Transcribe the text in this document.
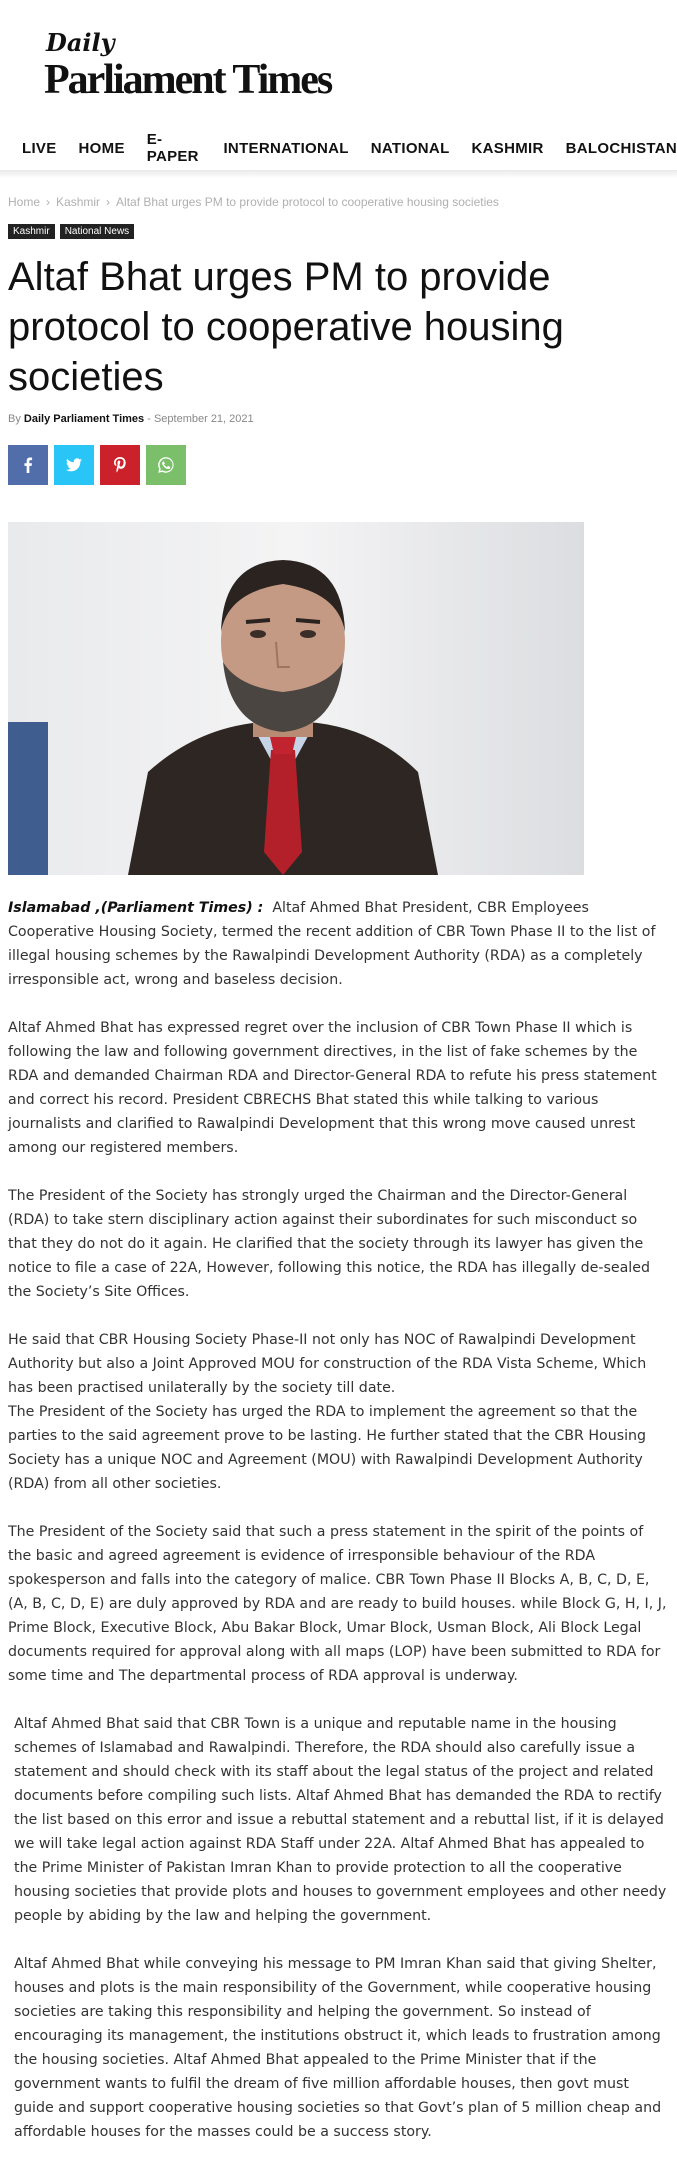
Daily
Parliament Times
LIVE HOME E-PAPER INTERNATIONAL NATIONAL KASHMIR BALOCHISTAN
Home › Kashmir › Altaf Bhat urges PM to provide protocol to cooperative housing societies
Kashmir	National News
Altaf Bhat urges PM to provide protocol to cooperative housing societies
By Daily Parliament Times - September 21, 2021

Islamabad ,(Parliament Times) : Altaf Ahmed Bhat President, CBR Employees Cooperative Housing Society, termed the recent addition of CBR Town Phase II to the list of illegal housing schemes by the Rawalpindi Development Authority (RDA) as a completely irresponsible act, wrong and baseless decision.

Altaf Ahmed Bhat has expressed regret over the inclusion of CBR Town Phase II which is following the law and following government directives, in the list of fake schemes by the RDA and demanded Chairman RDA and Director-General RDA to refute his press statement and correct his record. President CBRECHS Bhat stated this while talking to various journalists and clarified to Rawalpindi Development that this wrong move caused unrest among our registered members.

The President of the Society has strongly urged the Chairman and the Director-General (RDA) to take stern disciplinary action against their subordinates for such misconduct so that they do not do it again. He clarified that the society through its lawyer has given the notice to file a case of 22A, However, following this notice, the RDA has illegally de-sealed the Society’s Site Offices.

He said that CBR Housing Society Phase-II not only has NOC of Rawalpindi Development Authority but also a Joint Approved MOU for construction of the RDA Vista Scheme, Which has been practised unilaterally by the society till date.
The President of the Society has urged the RDA to implement the agreement so that the parties to the said agreement prove to be lasting. He further stated that the CBR Housing Society has a unique NOC and Agreement (MOU) with Rawalpindi Development Authority (RDA) from all other societies.

The President of the Society said that such a press statement in the spirit of the points of the basic and agreed agreement is evidence of irresponsible behaviour of the RDA spokesperson and falls into the category of malice. CBR Town Phase II Blocks A, B, C, D, E, (A, B, C, D, E) are duly approved by RDA and are ready to build houses. while Block G, H, I, J, Prime Block, Executive Block, Abu Bakar Block, Umar Block, Usman Block, Ali Block Legal documents required for approval along with all maps (LOP) have been submitted to RDA for some time and The departmental process of RDA approval is underway.

Altaf Ahmed Bhat said that CBR Town is a unique and reputable name in the housing schemes of Islamabad and Rawalpindi. Therefore, the RDA should also carefully issue a statement and should check with its staff about the legal status of the project and related documents before compiling such lists. Altaf Ahmed Bhat has demanded the RDA to rectify the list based on this error and issue a rebuttal statement and a rebuttal list, if it is delayed we will take legal action against RDA Staff under 22A. Altaf Ahmed Bhat has appealed to the Prime Minister of Pakistan Imran Khan to provide protection to all the cooperative housing societies that provide plots and houses to government employees and other needy people by abiding by the law and helping the government.

Altaf Ahmed Bhat while conveying his message to PM Imran Khan said that giving Shelter, houses and plots is the main responsibility of the Government, while cooperative housing societies are taking this responsibility and helping the government. So instead of encouraging its management, the institutions obstruct it, which leads to frustration among the housing societies. Altaf Ahmed Bhat appealed to the Prime Minister that if the government wants to fulfil the dream of five million affordable houses, then govt must guide and support cooperative housing societies so that Govt’s plan of 5 million cheap and affordable houses for the masses could be a success story.
